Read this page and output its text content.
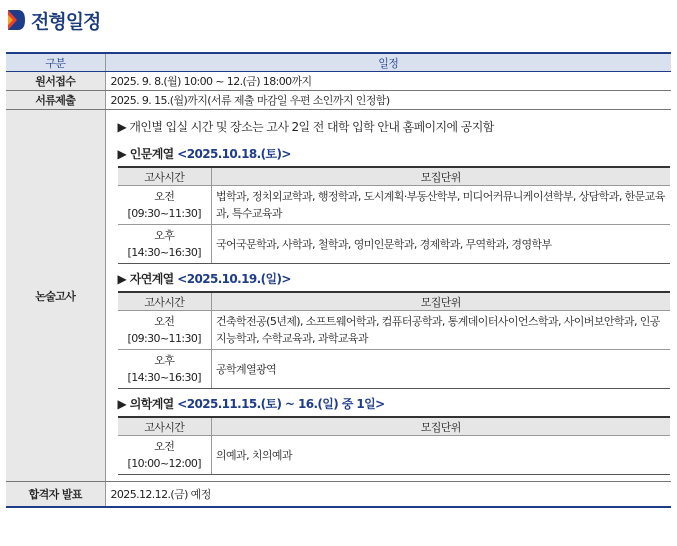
전형일정
구분	일정
원서접수	2025. 9. 8.(월) 10:00 ~ 12.(금) 18:00까지
서류제출	2025. 9. 15.(월)까지(서류 제출 마감일 우편 소인까지 인정함)
논술고사	
▶ 개인별 입실 시간 및 장소는 고사 2일 전 대학 입학 안내 홈페이지에 공지함
▶ 인문계열 <2025.10.18.(토)>
고사시간	모집단위

오전
[09:30~11:30]
	법학과, 정치외교학과, 행정학과, 도시계획·부동산학부, 미디어커뮤니케이션학부, 상담학과, 한문교육과, 특수교육과

오후
[14:30~16:30]
	국어국문학과, 사학과, 철학과, 영미인문학과, 경제학과, 무역학과, 경영학부
▶ 자연계열 <2025.10.19.(일)>
고사시간	모집단위

오전
[09:30~11:30]
	건축학전공(5년제), 소프트웨어학과, 컴퓨터공학과, 통계데이터사이언스학과, 사이버보안학과, 인공지능학과, 수학교육과, 과학교육과

오후
[14:30~16:30]
	공학계열광역
▶ 의학계열 <2025.11.15.(토) ~ 16.(일) 중 1일>
고사시간	모집단위

오전
[10:00~12:00]
	의예과, 치의예과

합격자 발표	2025.12.12.(금) 예정
